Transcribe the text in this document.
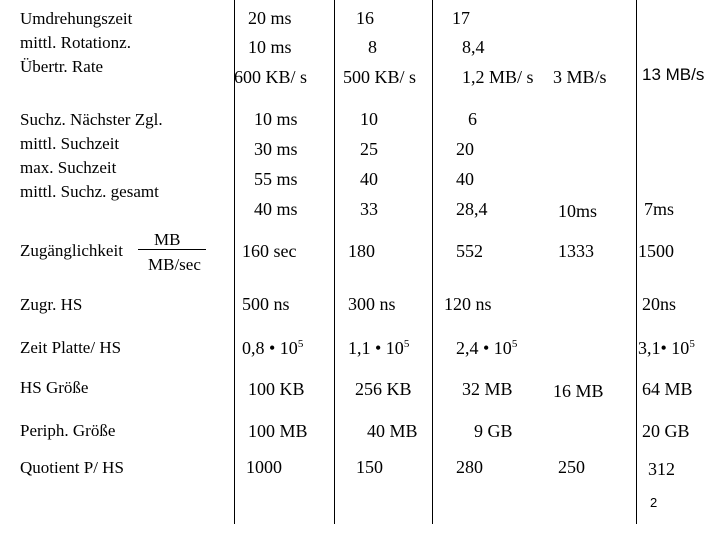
Umdrehungszeit
mittl. Rotationz.
Übertr. Rate
Suchz. Nächster Zgl.
mittl. Suchzeit
max. Suchzeit
mittl. Suchz. gesamt
Zugänglichkeit
MB
MB/sec
Zugr. HS
Zeit Platte/ HS
HS Größe
Periph. Größe
Quotient P/ HS
20 ms
10 ms
600 KB/ s
10 ms
30 ms
55 ms
40 ms
160 sec
500 ns
0,8 • $10^5$
100 KB
100 MB
1000
16
8
500 KB/ s
10
25
40
33
180
300 ns
1,1 • $10^5$
256 KB
40 MB
150
17
8,4
1,2 MB/ s
6
20
40
28,4
552
120 ns
2,4 • $10^5$
32 MB
9 GB
280
3 MB/s
10ms
1333
16 MB
250
13 MB/s
7ms
1500
20ns
3,1• $10^5$
64 MB
20 GB
312
2
